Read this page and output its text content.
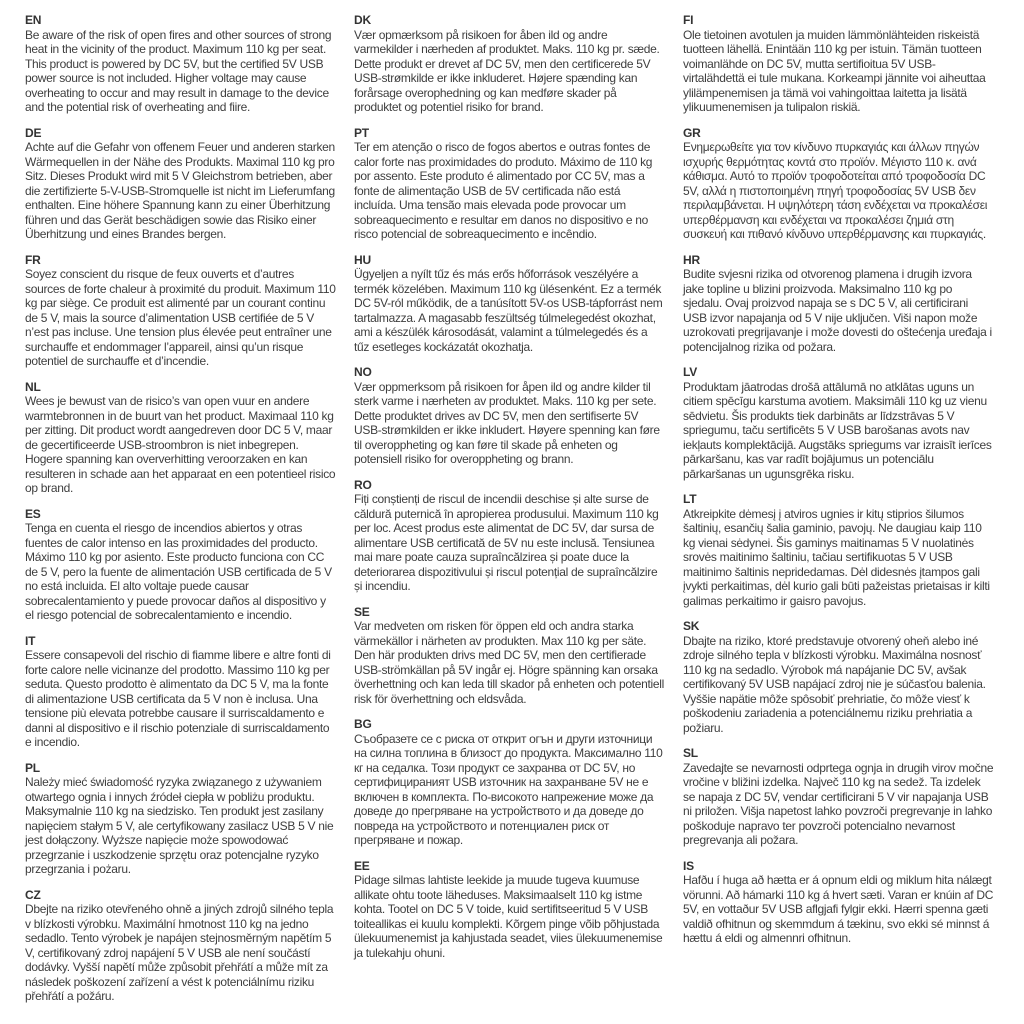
EN

Be aware of the risk of open fires and other sources of strong heat in the vicinity of the product. Maximum 110 kg per seat. This product is powered by DC 5V, but the certified 5V USB power source is not included. Higher voltage may cause overheating to occur and may result in damage to the device and the potential risk of overheating and fiire.

DE

Achte auf die Gefahr von offenem Feuer und anderen starken Wärmequellen in der Nähe des Produkts. Maximal 110 kg pro Sitz. Dieses Produkt wird mit 5 V Gleichstrom betrieben, aber die zertifizierte 5-V-USB-Stromquelle ist nicht im Lieferumfang enthalten. Eine höhere Spannung kann zu einer Überhitzung führen und das Gerät beschädigen sowie das Risiko einer Überhitzung und eines Brandes bergen.

FR

Soyez conscient du risque de feux ouverts et d’autres sources de forte chaleur à proximité du produit. Maximum 110 kg par siège. Ce produit est alimenté par un courant continu de 5 V, mais la source d’alimentation USB certifiée de 5 V n’est pas incluse. Une tension plus élevée peut entraîner une surchauffe et endommager l’appareil, ainsi qu’un risque potentiel de surchauffe et d’incendie.

NL

Wees je bewust van de risico’s van open vuur en andere warmtebronnen in de buurt van het product. Maximaal 110 kg per zitting. Dit product wordt aangedreven door DC 5 V, maar de gecertificeerde USB-stroombron is niet inbegrepen. Hogere spanning kan oververhitting veroorzaken en kan resulteren in schade aan het apparaat en een potentieel risico op brand.

ES

Tenga en cuenta el riesgo de incendios abiertos y otras fuentes de calor intenso en las proximidades del producto. Máximo 110 kg por asiento. Este producto funciona con CC de 5 V, pero la fuente de alimentación USB certificada de 5 V no está incluida. El alto voltaje puede causar sobrecalentamiento y puede provocar daños al dispositivo y el riesgo potencial de sobrecalentamiento e incendio.

IT

Essere consapevoli del rischio di fiamme libere e altre fonti di forte calore nelle vicinanze del prodotto. Massimo 110 kg per seduta. Questo prodotto è alimentato da DC 5 V, ma la fonte di alimentazione USB certificata da 5 V non è inclusa. Una tensione più elevata potrebbe causare il surriscaldamento e danni al dispositivo e il rischio potenziale di surriscaldamento e incendio.

PL

Należy mieć świadomość ryzyka związanego z używaniem otwartego ognia i innych źródeł ciepła w pobliżu produktu. Maksymalnie 110 kg na siedzisko. Ten produkt jest zasilany napięciem stałym 5 V, ale certyfikowany zasilacz USB 5 V nie jest dołączony. Wyższe napięcie może spowodować przegrzanie i uszkodzenie sprzętu oraz potencjalne ryzyko przegrzania i pożaru.

CZ

Dbejte na riziko otevřeného ohně a jiných zdrojů silného tepla v blízkosti výrobku. Maximální hmotnost 110 kg na jedno sedadlo. Tento výrobek je napájen stejnosměrným napětím 5 V, certifikovaný zdroj napájení 5 V USB ale není součástí dodávky. Vyšší napětí může způsobit přehřátí a může mít za následek poškození zařízení a vést k potenciálnímu riziku přehřátí a požáru.

DK

Vær opmærksom på risikoen for åben ild og andre varmekilder i nærheden af produktet. Maks. 110 kg pr. sæde. Dette produkt er drevet af DC 5V, men den certificerede 5V USB-strømkilde er ikke inkluderet. Højere spænding kan forårsage overophedning og kan medføre skader på produktet og potentiel risiko for brand.

PT

Ter em atenção o risco de fogos abertos e outras fontes de calor forte nas proximidades do produto. Máximo de 110 kg por assento. Este produto é alimentado por CC 5V, mas a fonte de alimentação USB de 5V certificada não está incluída. Uma tensão mais elevada pode provocar um sobreaquecimento e resultar em danos no dispositivo e no risco potencial de sobreaquecimento e incêndio.

HU

Ügyeljen a nyílt tűz és más erős hőforrások veszélyére a termék közelében. Maximum 110 kg ülésenként. Ez a termék DC 5V-ról működik, de a tanúsított 5V-os USB-tápforrást nem tartalmazza. A magasabb feszültség túlmelegedést okozhat, ami a készülék károsodását, valamint a túlmelegedés és a tűz esetleges kockázatát okozhatja.

NO

Vær oppmerksom på risikoen for åpen ild og andre kilder til sterk varme i nærheten av produktet. Maks. 110 kg per sete. Dette produktet drives av DC 5V, men den sertifiserte 5V USB-strømkilden er ikke inkludert. Høyere spenning kan føre til overoppheting og kan føre til skade på enheten og potensiell risiko for overoppheting og brann.

RO

Fiți conștienți de riscul de incendii deschise și alte surse de căldură puternică în apropierea produsului. Maximum 110 kg per loc. Acest produs este alimentat de DC 5V, dar sursa de alimentare USB certificată de 5V nu este inclusă. Tensiunea mai mare poate cauza supraîncălzirea și poate duce la deteriorarea dispozitivului și riscul potențial de supraîncălzire și incendiu.

SE

Var medveten om risken för öppen eld och andra starka värmekällor i närheten av produkten. Max 110 kg per säte. Den här produkten drivs med DC 5V, men den certifierade USB-strömkällan på 5V ingår ej. Högre spänning kan orsaka överhettning och kan leda till skador på enheten och potentiell risk för överhettning och eldsvåda.

BG

Съобразете се с риска от открит огън и други източници на силна топлина в близост до продукта. Максимално 110 кг на седалка. Този продукт се захранва от DC 5V, но сертифицираният USB източник на захранване 5V не е включен в комплекта. По-високото напрежение може да доведе до прегряване на устройството и да доведе до повреда на устройството и потенциален риск от прегряване и пожар.

EE

Pidage silmas lahtiste leekide ja muude tugeva kuumuse allikate ohtu toote läheduses. Maksimaalselt 110 kg istme kohta. Tootel on DC 5 V toide, kuid sertifitseeritud 5 V USB toiteallikas ei kuulu komplekti. Kõrgem pinge võib põhjustada ülekuumenemist ja kahjustada seadet, viies ülekuumenemise ja tulekahju ohuni.

FI

Ole tietoinen avotulen ja muiden lämmönlähteiden riskeistä tuotteen lähellä. Enintään 110 kg per istuin. Tämän tuotteen voimanlähde on DC 5V, mutta sertifioitua 5V USB-virtalähdettä ei tule mukana. Korkeampi jännite voi aiheuttaa ylilämpenemisen ja tämä voi vahingoittaa laitetta ja lisätä ylikuumenemisen ja tulipalon riskiä.

GR

Ενημερωθείτε για τον κίνδυνο πυρκαγιάς και άλλων πηγών ισχυρής θερμότητας κοντά στο προϊόν. Μέγιστο 110 κ. ανά κάθισμα. Αυτό το προϊόν τροφοδοτείται από τροφοδοσία DC 5V, αλλά η πιστοποιημένη πηγή τροφοδοσίας 5V USB δεν περιλαμβάνεται. Η υψηλότερη τάση ενδέχεται να προκαλέσει υπερθέρμανση και ενδέχεται να προκαλέσει ζημιά στη συσκευή και πιθανό κίνδυνο υπερθέρμανσης και πυρκαγιάς.

HR

Budite svjesni rizika od otvorenog plamena i drugih izvora jake topline u blizini proizvoda. Maksimalno 110 kg po sjedalu. Ovaj proizvod napaja se s DC 5 V, ali certificirani USB izvor napajanja od 5 V nije uključen. Viši napon može uzrokovati pregrijavanje i može dovesti do oštećenja uređaja i potencijalnog rizika od požara.

LV

Produktam jāatrodas drošā attālumā no atklātas uguns un citiem spēcīgu karstuma avotiem. Maksimāli 110 kg uz vienu sēdvietu. Šis produkts tiek darbināts ar līdzstrāvas 5 V spriegumu, taču sertificēts 5 V USB barošanas avots nav iekļauts komplektācijā. Augstāks spriegums var izraisīt ierīces pārkaršanu, kas var radīt bojājumus un potenciālu pārkaršanas un ugunsgrēka risku.

LT

Atkreipkite dėmesį į atviros ugnies ir kitų stiprios šilumos šaltinių, esančių šalia gaminio, pavojų. Ne daugiau kaip 110 kg vienai sėdynei. Šis gaminys maitinamas 5 V nuolatinės srovės maitinimo šaltiniu, tačiau sertifikuotas 5 V USB maitinimo šaltinis nepridedamas. Dėl didesnės įtampos gali įvykti perkaitimas, dėl kurio gali būti pažeistas prietaisas ir kilti galimas perkaitimo ir gaisro pavojus.

SK

Dbajte na riziko, ktoré predstavuje otvorený oheň alebo iné zdroje silného tepla v blízkosti výrobku. Maximálna nosnosť 110 kg na sedadlo. Výrobok má napájanie DC 5V, avšak certifikovaný 5V USB napájací zdroj nie je súčasťou balenia. Vyššie napätie môže spôsobiť prehriatie, čo môže viesť k poškodeniu zariadenia a potenciálnemu riziku prehriatia a požiaru.

SL

Zavedajte se nevarnosti odprtega ognja in drugih virov močne vročine v bližini izdelka. Največ 110 kg na sedež. Ta izdelek se napaja z DC 5V, vendar certificirani 5 V vir napajanja USB ni priložen. Višja napetost lahko povzroči pregrevanje in lahko poškoduje napravo ter povzroči potencialno nevarnost pregrevanja ali požara.

IS

Hafðu í huga að hætta er á opnum eldi og miklum hita nálægt vörunni. Að hámarki 110 kg á hvert sæti. Varan er knúin af DC 5V, en vottaður 5V USB aflgjafi fylgir ekki. Hærri spenna gæti valdið ofhitnun og skemmdum á tækinu, svo ekki sé minnst á hættu á eldi og almennri ofhitnun.
